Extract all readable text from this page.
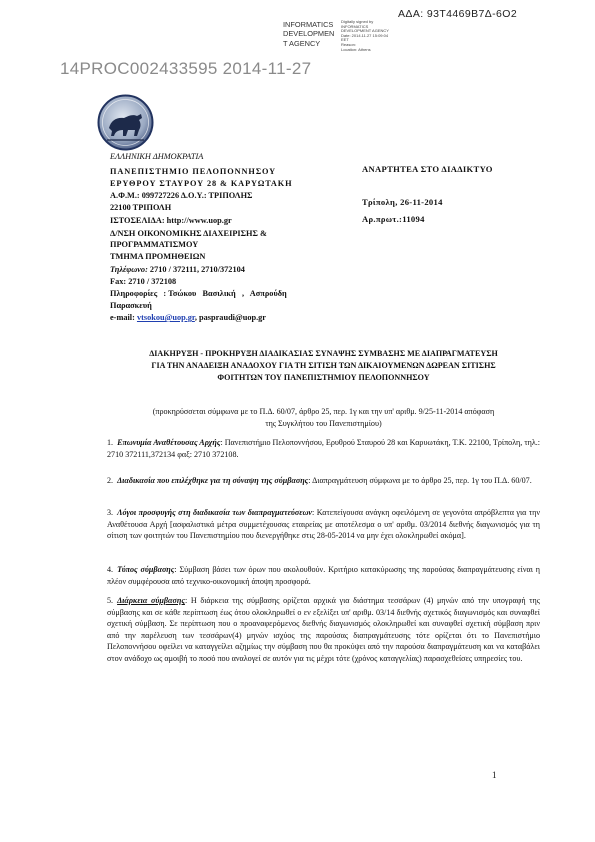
ΑΔΑ: 93Τ4469Β7Δ-6Ο2
INFORMATICS
DEVELOPMEN
T AGENCY
Digitally signed by
INFORMATICS
DEVELOPMENT AGENCY
Date: 2014.11.27 15:09:04
EET
Reason:
Location: Athens
14PROC002433595 2014-11-27
ΕΛΛΗΝΙΚΗ ΔΗΜΟΚΡΑΤΙΑ
ΠΑΝΕΠΙΣΤΗΜΙΟ ΠΕΛΟΠΟΝΝΗΣΟΥ
ΕΡΥΘΡΟΥ ΣΤΑΥΡΟΥ 28 & ΚΑΡΥΩΤΑΚΗ
Α.Φ.Μ.: 099727226 Δ.Ο.Υ.: ΤΡΙΠΟΛΗΣ
22100 ΤΡΙΠΟΛΗ
ΙΣΤΟΣΕΛΙΔΑ: http://www.uop.gr
Δ/ΝΣΗ ΟΙΚΟΝΟΜΙΚΗΣ ΔΙΑΧΕΙΡΙΣΗΣ &
ΠΡΟΓΡΑΜΜΑΤΙΣΜΟΥ
ΤΜΗΜΑ ΠΡΟΜΗΘΕΙΩΝ
Τηλέφωνο: 2710 / 372111, 2710/372104
Fax: 2710 / 372108
Πληροφορίες   : Τσώκου   Βασιλική   ,   Ασπρούδη
Παρασκευή
e-mail: vtsokou@uop.gr, paspraudi@uop.gr
ΑΝΑΡΤΗΤΕΑ ΣΤΟ ΔΙΑΔΙΚΤΥΟ
Τρίπολη, 26-11-2014
Αρ.πρωτ.:11094
ΔΙΑΚΗΡΥΞΗ - ΠΡΟΚΗΡΥΞΗ ΔΙΑΔΙΚΑΣΙΑΣ ΣΥΝΑΨΗΣ ΣΥΜΒΑΣΗΣ ΜΕ ΔΙΑΠΡΑΓΜΑΤΕΥΣΗ
ΓΙΑ ΤΗΝ ΑΝΑΔΕΙΞΗ ΑΝΑΔΟΧΟΥ ΓΙΑ ΤΗ ΣΙΤΙΣΗ ΤΩΝ ΔΙΚΑΙΟΥΜΕΝΩΝ ΔΩΡΕΑΝ ΣΙΤΙΣΗΣ
ΦΟΙΤΗΤΩΝ ΤΟΥ ΠΑΝΕΠΙΣΤΗΜΙΟΥ ΠΕΛΟΠΟΝΝΗΣΟΥ
(προκηρύσσεται σύμφωνα με το Π.Δ. 60/07, άρθρο 25, περ. 1γ και την υπ' αριθμ. 9/25-11-2014 απόφαση
της Συγκλήτου του Πανεπιστημίου)
1. Επωνυμία Αναθέτουσας Αρχής: Πανεπιστήμιο Πελοποννήσου, Ερυθρού Σταυρού 28 και Καρυωτάκη, Τ.Κ. 22100, Τρίπολη, τηλ.: 2710 372111,372134 φαξ: 2710 372108.
2. Διαδικασία που επιλέχθηκε για τη σύναψη της σύμβασης: Διαπραγμάτευση σύμφωνα με το άρθρο 25, περ. 1γ του Π.Δ. 60/07.
3. Λόγοι προσφυγής στη διαδικασία των διαπραγματεύσεων: Κατεπείγουσα ανάγκη οφειλόμενη σε γεγονότα απρόβλεπτα για την Αναθέτουσα Αρχή [ασφαλιστικά μέτρα συμμετέχουσας εταιρείας με αποτέλεσμα ο υπ' αριθμ. 03/2014 διεθνής διαγωνισμός για τη σίτιση των φοιτητών του Πανεπιστημίου που διενεργήθηκε στις 28-05-2014 να μην έχει ολοκληρωθεί ακόμα].
4. Τύπος σύμβασης: Σύμβαση βάσει των όρων που ακολουθούν. Κριτήριο κατακύρωσης της παρούσας διαπραγμάτευσης είναι η πλέον συμφέρουσα από τεχνικο-οικονομική άποψη προσφορά.
5. Διάρκεια σύμβασης: Η διάρκεια της σύμβασης ορίζεται αρχικά για διάστημα τεσσάρων (4) μηνών από την υπογραφή της σύμβασης και σε κάθε περίπτωση έως ότου ολοκληρωθεί ο εν εξελίξει υπ' αριθμ. 03/14 διεθνής σχετικός διαγωνισμός και συναφθεί σχετική σύμβαση. Σε περίπτωση που ο προαναφερόμενος διεθνής διαγωνισμός ολοκληρωθεί και συναφθεί σχετική σύμβαση πριν από την παρέλευση των τεσσάρων(4) μηνών ισχύος της παρούσας διαπραγμάτευσης τότε ορίζεται ότι το Πανεπιστήμιο Πελοποννήσου οφείλει να καταγγείλει αζημίως την σύμβαση που θα προκύψει από την παρούσα διαπραγμάτευση και να καταβάλει στον ανάδοχο ως αμοιβή το ποσό που αναλογεί σε αυτόν για τις μέχρι τότε (χρόνος καταγγελίας) παρασχεθείσες υπηρεσίες του.
1
